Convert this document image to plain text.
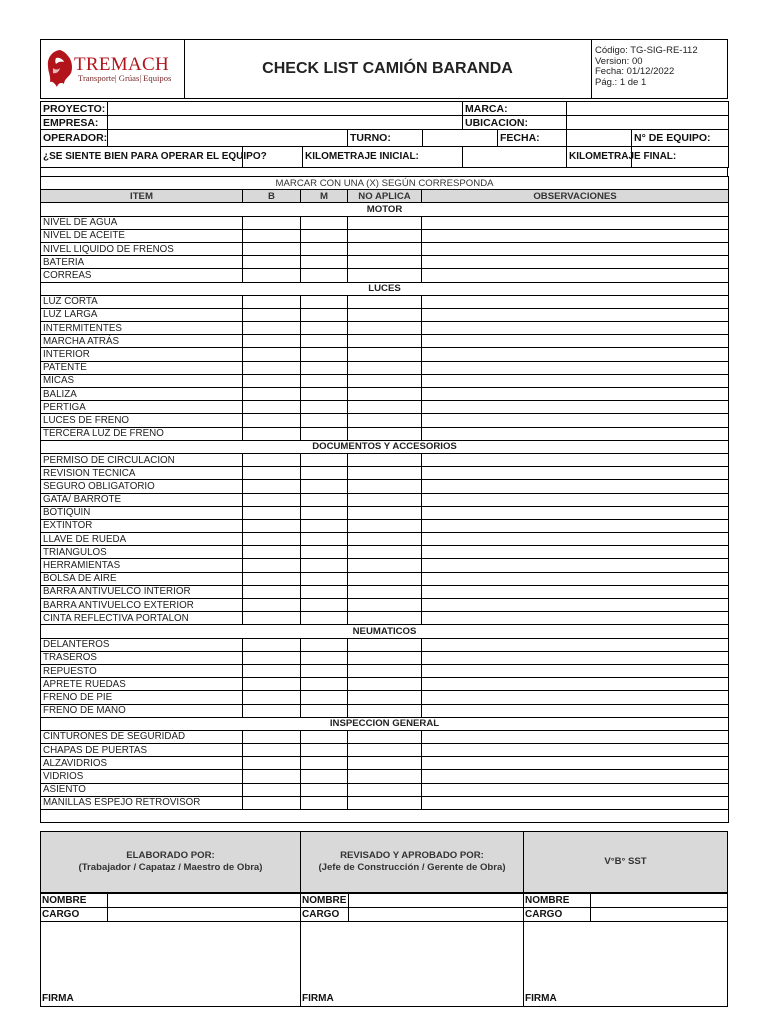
TREMACH
Transporte| Grúas| Equipos
CHECK LIST CAMIÓN BARANDA
Código: TG-SIG-RE-112
Version: 00
Fecha: 01/12/2022
Pág.: 1 de 1
PROYECTO:						MARCA:			
EMPRESA:						UBICACION:			
OPERADOR:				TURNO:			FECHA:		N° DE EQUIPO:
¿SE SIENTE BIEN PARA OPERAR EL EQUIPO?			KILOMETRAJE INICIAL:					KILOMETRAJE FINAL:	
MARCAR CON UNA (X) SEGÚN CORRESPONDA				
ITEM	B	M	NO APLICA	OBSERVACIONES
MOTOR				
NIVEL DE AGUA				
NIVEL DE ACEITE				
NIVEL LIQUIDO DE FRENOS				
BATERIA				
CORREAS				
LUCES				
LUZ CORTA				
LUZ LARGA				
INTERMITENTES				
MARCHA ATRÁS				
INTERIOR				
PATENTE				
MICAS				
BALIZA				
PERTIGA				
LUCES DE FRENO				
TERCERA LUZ DE FRENO				
DOCUMENTOS Y ACCESORIOS				
PERMISO DE CIRCULACION				
REVISION TECNICA				
SEGURO OBLIGATORIO				
GATA/ BARROTE				
BOTIQUIN				
EXTINTOR				
LLAVE DE RUEDA				
TRIANGULOS				
HERRAMIENTAS				
BOLSA DE AIRE				
BARRA ANTIVUELCO INTERIOR				
BARRA ANTIVUELCO EXTERIOR				
CINTA REFLECTIVA PORTALON				
NEUMATICOS				
DELANTEROS				
TRASEROS				
REPUESTO				
APRETE RUEDAS				
FRENO DE PIE				
FRENO DE MANO				
INSPECCION GENERAL				
CINTURONES DE SEGURIDAD				
CHAPAS DE PUERTAS				
ALZAVIDRIOS				
VIDRIOS				
ASIENTO				
MANILLAS ESPEJO RETROVISOR				

ELABORADO POR:
(Trabajador / Capataz / Maestro de Obra)
REVISADO Y APROBADO POR:
(Jefe de Construcción / Gerente de Obra)
V°B° SST
NOMBRE	NOMBRE	NOMBRE
CARGO	CARGO	CARGO
FIRMA	FIRMA	FIRMA
